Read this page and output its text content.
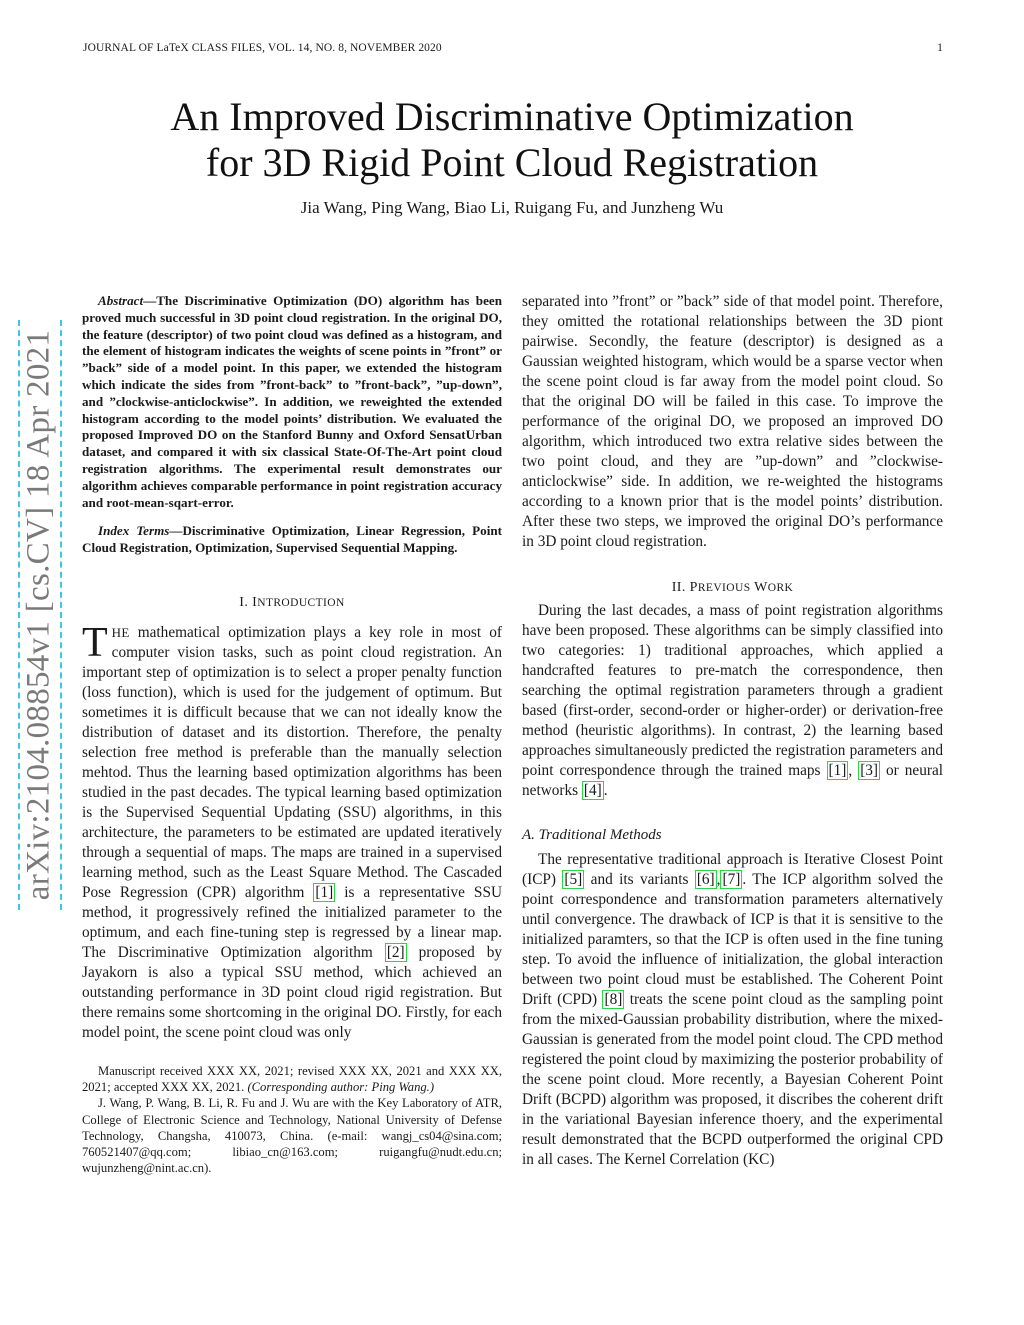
JOURNAL OF LaTeX CLASS FILES, VOL. 14, NO. 8, NOVEMBER 2020	1
An Improved Discriminative Optimization
for 3D Rigid Point Cloud Registration
Jia Wang, Ping Wang, Biao Li, Ruigang Fu, and Junzheng Wu
arXiv:2104.08854v1 [cs.CV] 18 Apr 2021

Abstract—The Discriminative Optimization (DO) algorithm has been proved much successful in 3D point cloud registration. In the original DO, the feature (descriptor) of two point cloud was defined as a histogram, and the element of histogram indicates the weights of scene points in ”front” or ”back” side of a model point. In this paper, we extended the histogram which indicate the sides from ”front-back” to ”front-back”, ”up-down”, and ”clockwise-anticlockwise”. In addition, we reweighted the extended histogram according to the model points’ distribution. We evaluated the proposed Improved DO on the Stanford Bunny and Oxford SensatUrban dataset, and compared it with six classical State-Of-The-Art point cloud registration algorithms. The experimental result demonstrates our algorithm achieves comparable performance in point registration accuracy and root-mean-sqart-error.

Index Terms—Discriminative Optimization, Linear Regression, Point Cloud Registration, Optimization, Supervised Sequential Mapping.

I. INTRODUCTION

THE mathematical optimization plays a key role in most of computer vision tasks, such as point cloud registration. An important step of optimization is to select a proper penalty function (loss function), which is used for the judgement of optimum. But sometimes it is difficult because that we can not ideally know the distribution of dataset and its distortion. Therefore, the penalty selection free method is preferable than the manually selection mehtod. Thus the learning based optimization algorithms has been studied in the past decades. The typical learning based optimization is the Supervised Sequential Updating (SSU) algorithms, in this architecture, the parameters to be estimated are updated iteratively through a sequential of maps. The maps are trained in a supervised learning method, such as the Least Square Method. The Cascaded Pose Regression (CPR) algorithm [1] is a representative SSU method, it progressively refined the initialized parameter to the optimum, and each fine-tuning step is regressed by a linear map. The Discriminative Optimization algorithm [2] proposed by Jayakorn is also a typical SSU method, which achieved an outstanding performance in 3D point cloud rigid registration. But there remains some shortcoming in the original DO. Firstly, for each model point, the scene point cloud was only

Manuscript received XXX XX, 2021; revised XXX XX, 2021 and XXX XX, 2021; accepted XXX XX, 2021. (Corresponding author: Ping Wang.)

J. Wang, P. Wang, B. Li, R. Fu and J. Wu are with the Key Laboratory of ATR, College of Electronic Science and Technology, National University of Defense Technology, Changsha, 410073, China. (e-mail: wangj_cs04@sina.com; 760521407@qq.com; libiao_cn@163.com; ruigangfu@nudt.edu.cn; wujunzheng@nint.ac.cn).

separated into ”front” or ”back” side of that model point. Therefore, they omitted the rotational relationships between the 3D piont pairwise. Secondly, the feature (descriptor) is designed as a Gaussian weighted histogram, which would be a sparse vector when the scene point cloud is far away from the model point cloud. So that the original DO will be failed in this case. To improve the performance of the original DO, we proposed an improved DO algorithm, which introduced two extra relative sides between the two point cloud, and they are ”up-down” and ”clockwise-anticlockwise” side. In addition, we re-weighted the histograms according to a known prior that is the model points’ distribution. After these two steps, we improved the original DO’s performance in 3D point cloud registration.

II. PREVIOUS WORK

During the last decades, a mass of point registration algorithms have been proposed. These algorithms can be simply classified into two categories: 1) traditional approaches, which applied a handcrafted features to pre-match the correspondence, then searching the optimal registration parameters through a gradient based (first-order, second-order or higher-order) or derivation-free method (heuristic algorithms). In contrast, 2) the learning based approaches simultaneously predicted the registration parameters and point correspondence through the trained maps [1] , [3] or neural networks [4] .

A. Traditional Methods

The representative traditional approach is Iterative Closest Point (ICP) [5] and its variants [6] , [7] . The ICP algorithm solved the point correspondence and transformation parameters alternatively until convergence. The drawback of ICP is that it is sensitive to the initialized paramters, so that the ICP is often used in the fine tuning step. To avoid the influence of initialization, the global interaction between two point cloud must be established. The Coherent Point Drift (CPD) [8] treats the scene point cloud as the sampling point from the mixed-Gaussian probability distribution, where the mixed-Gaussian is generated from the model point cloud. The CPD method registered the point cloud by maximizing the posterior probability of the scene point cloud. More recently, a Bayesian Coherent Point Drift (BCPD) algorithm was proposed, it discribes the coherent drift in the variational Bayesian inference thoery, and the experimental result demonstrated that the BCPD outperformed the original CPD in all cases. The Kernel Correlation (KC)
